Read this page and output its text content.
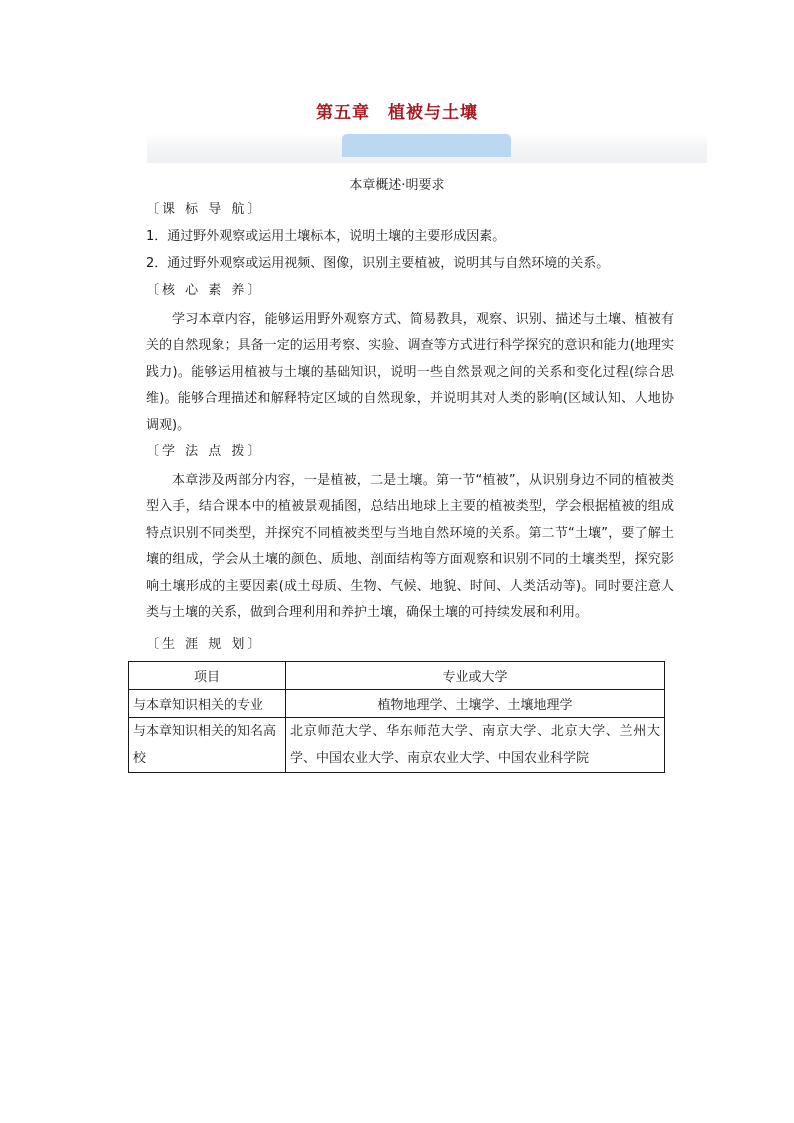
第五章　植被与土壤
本章概述·明要求
〔课 标 导 航〕
1．通过野外观察或运用土壤标本，说明土壤的主要形成因素。
2．通过野外观察或运用视频、图像，识别主要植被，说明其与自然环境的关系。
〔核 心 素 养〕
学习本章内容，能够运用野外观察方式、简易教具，观察、识别、描述与土壤、植被有关的自然现象；具备一定的运用考察、实验、调查等方式进行科学探究的意识和能力(地理实践力)。能够运用植被与土壤的基础知识，说明一些自然景观之间的关系和变化过程(综合思维)。能够合理描述和解释特定区域的自然现象，并说明其对人类的影响(区域认知、人地协调观)。
〔学 法 点 拨〕
本章涉及两部分内容，一是植被，二是土壤。第一节“植被”，从识别身边不同的植被类型入手，结合课本中的植被景观插图，总结出地球上主要的植被类型，学会根据植被的组成特点识别不同类型，并探究不同植被类型与当地自然环境的关系。第二节“土壤”，要了解土壤的组成，学会从土壤的颜色、质地、剖面结构等方面观察和识别不同的土壤类型，探究影响土壤形成的主要因素(成土母质、生物、气候、地貌、时间、人类活动等)。同时要注意人类与土壤的关系，做到合理利用和养护土壤，确保土壤的可持续发展和利用。
〔生 涯 规 划〕
项目	专业或大学
与本章知识相关的专业	植物地理学、土壤学、土壤地理学
与本章知识相关的知名高校	北京师范大学、华东师范大学、南京大学、北京大学、兰州大学、中国农业大学、南京农业大学、中国农业科学院
